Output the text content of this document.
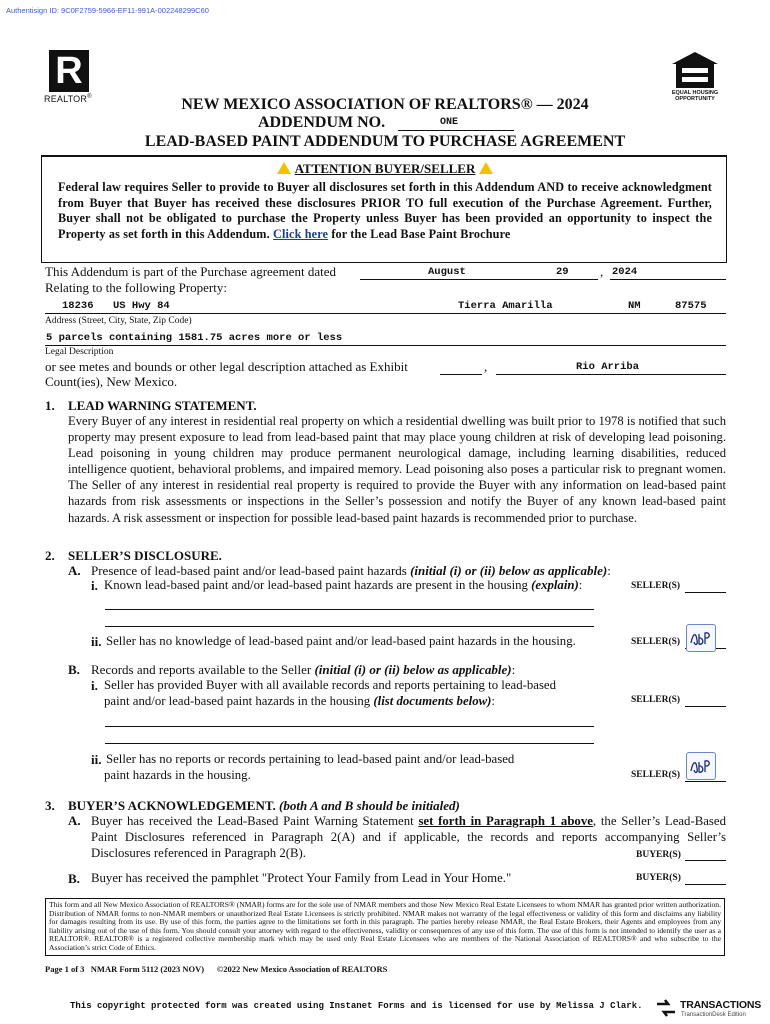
Authentisign ID: 9C0F2759-5966-EF11-991A-002248299C60
R
REALTOR®
EQUAL HOUSING OPPORTUNITY
NEW MEXICO ASSOCIATION OF REALTORS® — 2024
ADDENDUM NO.	ONE
LEAD-BASED PAINT ADDENDUM TO PURCHASE AGREEMENT
ATTENTION BUYER/SELLER
Federal law requires Seller to provide to Buyer all disclosures set forth in this Addendum AND to receive acknowledgment from Buyer that Buyer has received these disclosures PRIOR TO full execution of the Purchase Agreement. Further, Buyer shall not be obligated to purchase the Property unless Buyer has been provided an opportunity to inspect the Property as set forth in this Addendum. Click here for the Lead Base Paint Brochure
This Addendum is part of the Purchase agreement dated	August	29 , 2024
Relating to the following Property:
18236 US Hwy 84	Tierra Amarilla	NM	87575
Address (Street, City, State, Zip Code)
5 parcels containing 1581.75 acres more or less
Legal Description
or see metes and bounds or other legal description attached as Exhibit	,	Rio Arriba
Count(ies), New Mexico.
1. LEAD WARNING STATEMENT.
Every Buyer of any interest in residential real property on which a residential dwelling was built prior to 1978 is notified that such property may present exposure to lead from lead-based paint that may place young children at risk of developing lead poisoning. Lead poisoning in young children may produce permanent neurological damage, including learning disabilities, reduced intelligence quotient, behavioral problems, and impaired memory. Lead poisoning also poses a particular risk to pregnant women. The Seller of any interest in residential real property is required to provide the Buyer with any information on lead-based paint hazards from risk assessments or inspections in the Seller’s possession and notify the Buyer of any known lead-based paint hazards. A risk assessment or inspection for possible lead-based paint hazards is recommended prior to purchase.
2. SELLER’S DISCLOSURE.
A. Presence of lead-based paint and/or lead-based paint hazards (initial (i) or (ii) below as applicable):
i. Known lead-based paint and/or lead-based paint hazards are present in the housing (explain):	SELLER(S)
ii. Seller has no knowledge of lead-based paint and/or lead-based paint hazards in the housing.	SELLER(S)
B. Records and reports available to the Seller (initial (i) or (ii) below as applicable):
i. Seller has provided Buyer with all available records and reports pertaining to lead-based
paint and/or lead-based paint hazards in the housing (list documents below):	SELLER(S)
ii. Seller has no reports or records pertaining to lead-based paint and/or lead-based
paint hazards in the housing.	SELLER(S)
3. BUYER’S ACKNOWLEDGEMENT. (both A and B should be initialed)
A. Buyer has received the Lead-Based Paint Warning Statement set forth in Paragraph 1 above, the Seller’s Lead-Based Paint Disclosures referenced in Paragraph 2(A) and if applicable, the records and reports accompanying Seller’s Disclosures referenced in Paragraph 2(B).	BUYER(S)
B. Buyer has received the pamphlet "Protect Your Family from Lead in Your Home."	BUYER(S)
This form and all New Mexico Association of REALTORS® (NMAR) forms are for the sole use of NMAR members and those New Mexico Real Estate Licensees to whom NMAR has granted prior written authorization. Distribution of NMAR forms to non-NMAR members or unauthorized Real Estate Licensees is strictly prohibited. NMAR makes not warranty of the legal effectiveness or validity of this form and disclaims any liability for damages resulting from its use. By use of this form, the parties agree to the limitations set forth in this paragraph. The parties hereby release NMAR, the Real Estate Brokers, their Agents and employees from any liability arising out of the use of this form. You should consult your attorney with regard to the effectiveness, validity or consequences of any use of this form. The use of this form is not intended to identify the user as a REALTOR®. REALTOR® is a registered collective membership mark which may be used only Real Estate Licensees who are members of the National Association of REALTORS® and who subscribe to the Association’s strict Code of Ethics.
Page 1 of 3 NMAR Form 5112 (2023 NOV) ©2022 New Mexico Association of REALTORS
This copyright protected form was created using Instanet Forms and is licensed for use by Melissa J Clark.	TRANSACTIONS
TransactionDesk Edition
